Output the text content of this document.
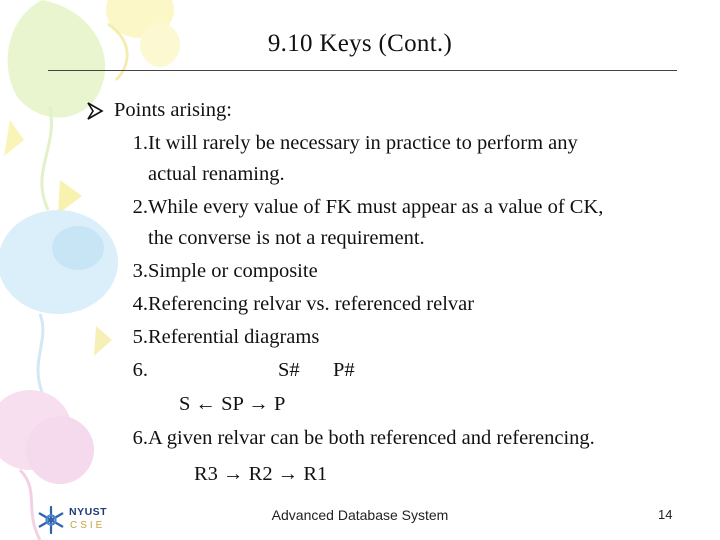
9.10 Keys (Cont.)
Points arising:
1. It will rarely be necessary in practice to perform any
actual renaming.
2. While every value of FK must appear as a value of CK,
the converse is not a requirement.
3. Simple or composite
4. Referencing relvar vs. referenced relvar
5. Referential diagrams
6.	S# P#
S ← SP → P
6. A given relvar can be both referenced and referencing.
R3 → R2 → R1
NYUST
CSIE
Advanced Database System	14
